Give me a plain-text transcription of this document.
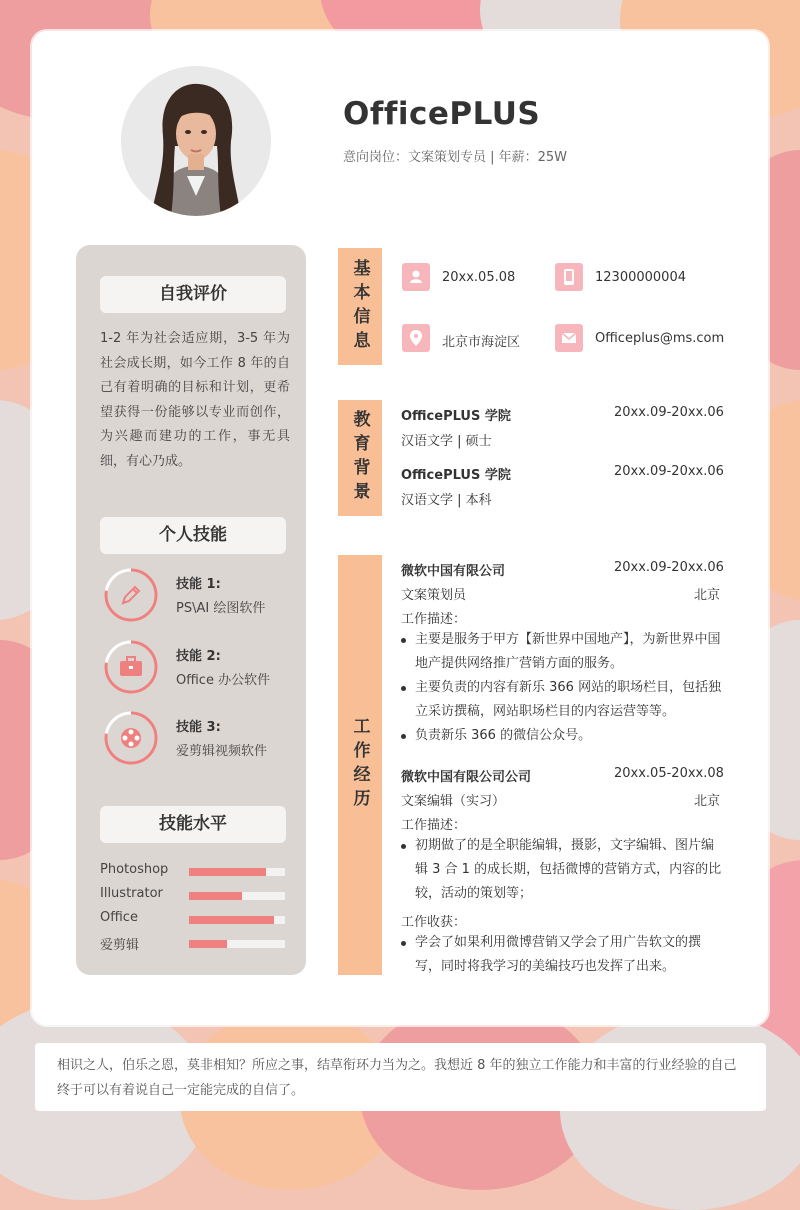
OfficePLUS
意向岗位：文案策划专员 | 年薪：25W
自我评价
1-2 年为社会适应期，3-5 年为社会成长期，如今工作 8 年的自己有着明确的目标和计划，更希望获得一份能够以专业而创作，为兴趣而建功的工作，事无具细，有心乃成。
个人技能
技能 1:
PS\AI 绘图软件
技能 2:
Office 办公软件
技能 3:
爱剪辑视频软件
技能水平
Photoshop
Illustrator
Office
爱剪辑
基本信息	20xx.05.08	12300000004
北京市海淀区	Officeplus@ms.com
教育背景 OfficePLUS 学院	20xx.09-20xx.06
汉语文学 | 硕士
OfficePLUS 学院	20xx.09-20xx.06
汉语文学 | 本科
工作经历
微软中国有限公司	20xx.09-20xx.06
文案策划员	北京
工作描述：
主要是服务于甲方【新世界中国地产】，为新世界中国地产提供网络推广营销方面的服务。
主要负责的内容有新乐 366 网站的职场栏目，包括独立采访撰稿，网站职场栏目的内容运营等等。
负责新乐 366 的微信公众号。
微软中国有限公司公司	20xx.05-20xx.08
文案编辑（实习）	北京
工作描述：
初期做了的是全职能编辑，摄影，文字编辑、图片编辑 3 合 1 的成长期，包括微博的营销方式，内容的比较，活动的策划等；
工作收获：
学会了如果利用微博营销又学会了用广告软文的撰写，同时将我学习的美编技巧也发挥了出来。
相识之人，伯乐之恩，莫非相知？所应之事，结草衔环力当为之。我想近 8 年的独立工作能力和丰富的行业经验的自己终于可以有着说自己一定能完成的自信了。
